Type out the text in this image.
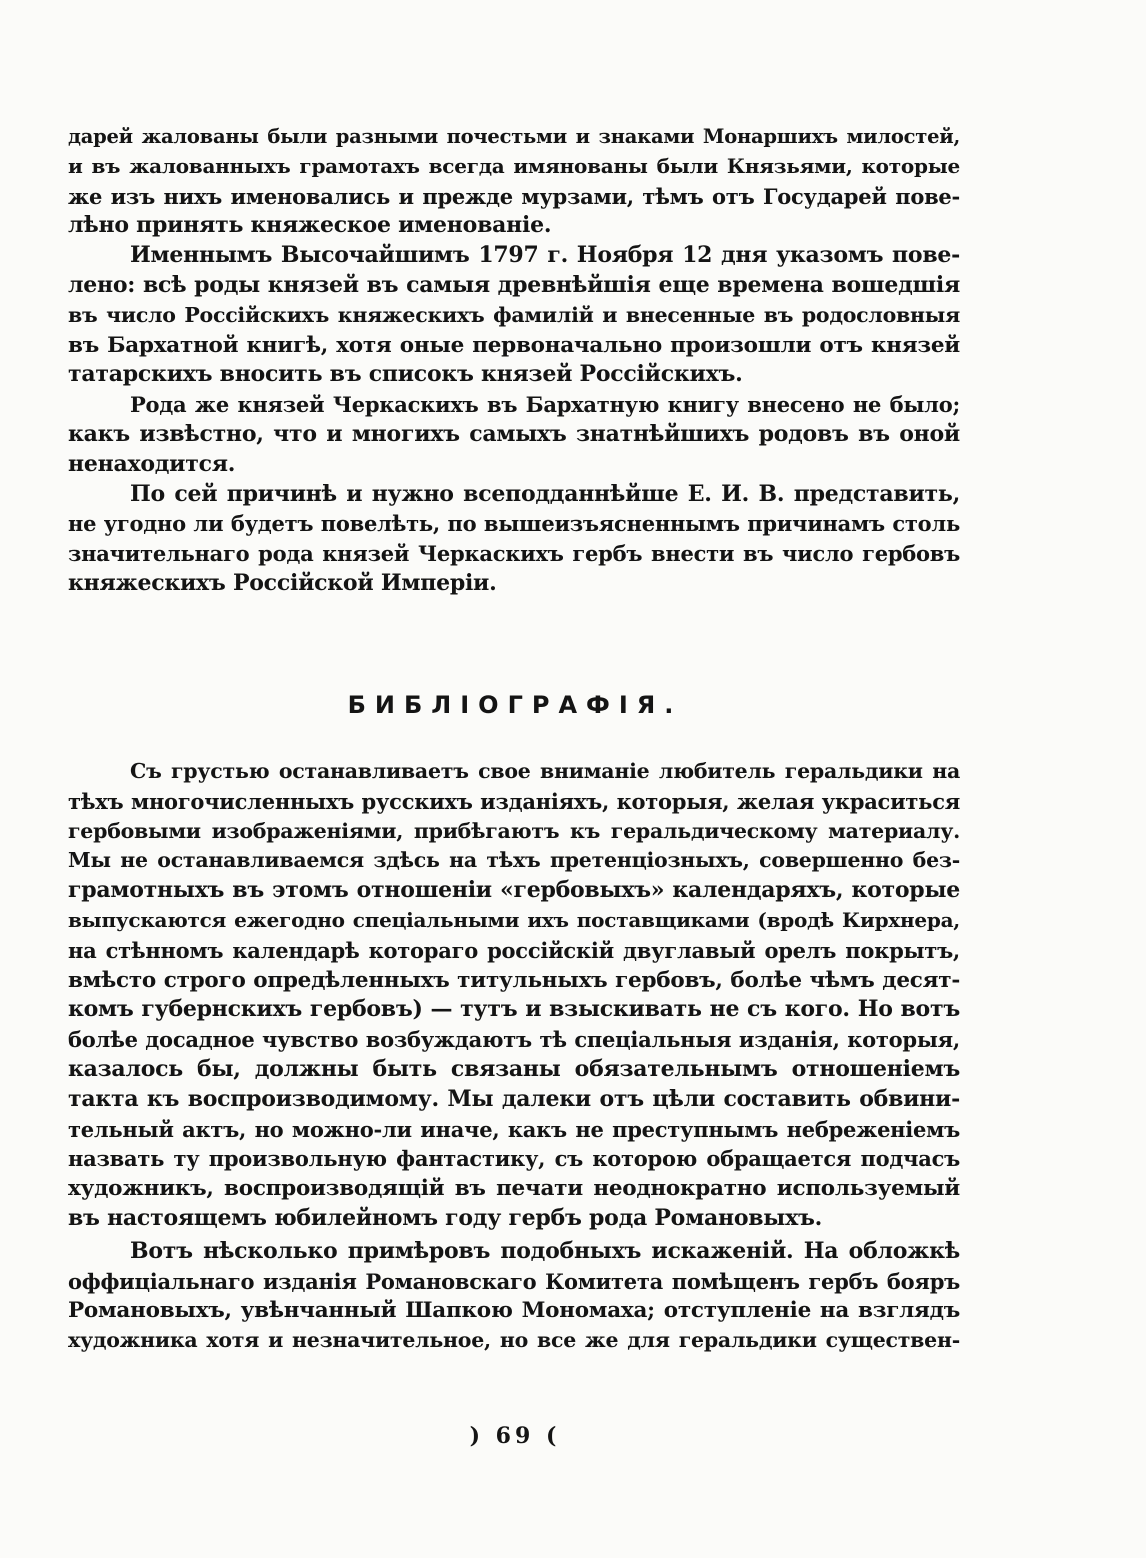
дарей жалованы были разными почестьми и знаками Монаршихъ милостей,
и въ жалованныхъ грамотахъ всегда имянованы были Князьями, которые
же изъ нихъ именовались и прежде мурзами, тѣмъ отъ Государей пове-
лѣно принять княжеское именованіе.
Именнымъ Высочайшимъ 1797 г. Ноября 12 дня указомъ пове-
лено: всѣ роды князей въ самыя древнѣйшія еще времена вошедшія
въ число Россійскихъ княжескихъ фамилій и внесенные въ родословныя
въ Бархатной книгѣ, хотя оные первоначально произошли отъ князей
татарскихъ вносить въ списокъ князей Россійскихъ.
Рода же князей Черкаскихъ въ Бархатную книгу внесено не было;
какъ извѣстно, что и многихъ самыхъ знатнѣйшихъ родовъ въ оной
ненаходится.
По сей причинѣ и нужно всеподданнѣйше Е. И. В. представить,
не угодно ли будетъ повелѣть, по вышеизъясненнымъ причинамъ столь
значительнаго рода князей Черкаскихъ гербъ внести въ число гербовъ
княжескихъ Россійской Имперіи.
БИБЛІОГРАФІЯ.
Съ грустью останавливаетъ свое вниманіе любитель геральдики на
тѣхъ многочисленныхъ русскихъ изданіяхъ, которыя, желая украситься
гербовыми изображеніями, прибѣгаютъ къ геральдическому материалу.
Мы не останавливаемся здѣсь на тѣхъ претенціозныхъ, совершенно без-
грамотныхъ въ этомъ отношеніи «гербовыхъ» календаряхъ, которые
выпускаются ежегодно спеціальными ихъ поставщиками (вродѣ Кирхнера,
на стѣнномъ календарѣ котораго россійскій двуглавый орелъ покрытъ,
вмѣсто строго опредѣленныхъ титульныхъ гербовъ, болѣе чѣмъ десят-
комъ губернскихъ гербовъ) — тутъ и взыскивать не съ кого. Но вотъ
болѣе досадное чувство возбуждаютъ тѣ спеціальныя изданія, которыя,
казалось бы, должны быть связаны обязательнымъ отношеніемъ
такта къ воспроизводимому. Мы далеки отъ цѣли составить обвини-
тельный актъ, но можно-ли иначе, какъ не преступнымъ небреженіемъ
назвать ту произвольную фантастику, съ которою обращается подчасъ
художникъ, воспроизводящій въ печати неоднократно используемый
въ настоящемъ юбилейномъ году гербъ рода Романовыхъ.
Вотъ нѣсколько примѣровъ подобныхъ искаженій. На обложкѣ
оффиціальнаго изданія Романовскаго Комитета помѣщенъ гербъ бояръ
Романовыхъ, увѣнчанный Шапкою Мономаха; отступленіе на взглядъ
художника хотя и незначительное, но все же для геральдики существен-
) 69 (
